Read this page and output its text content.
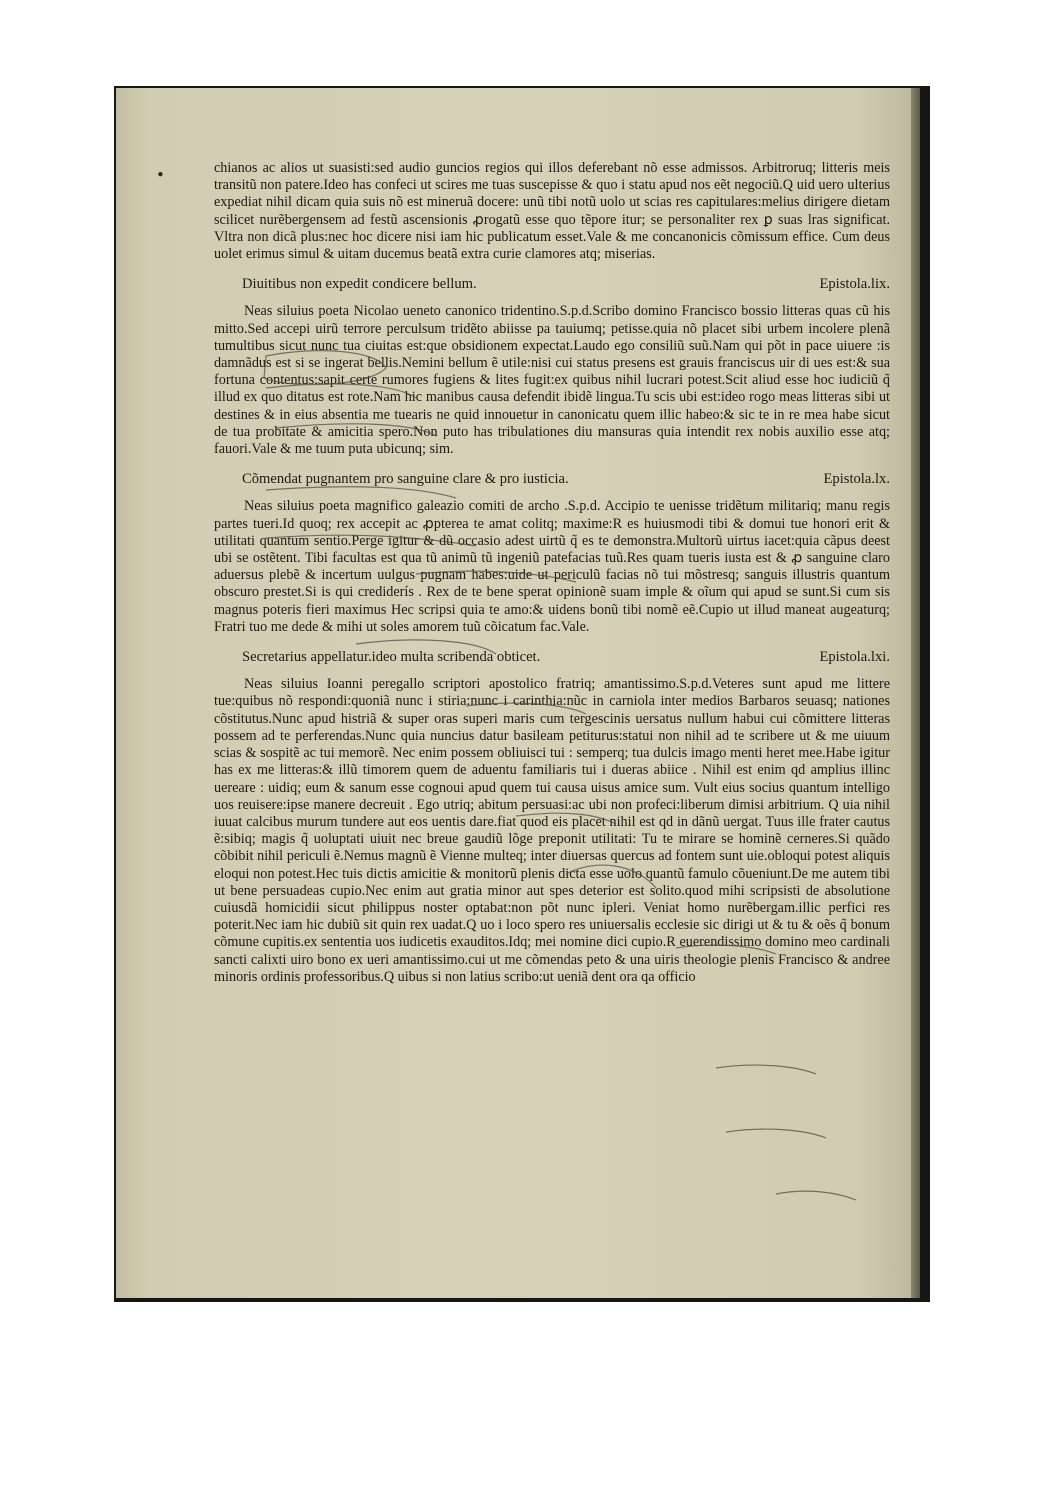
•	chianos ac alios ut suasisti:sed audio guncios regios qui illos deferebant nõ esse admissos. Arbitroruq; litteris meis transitũ non patere.Ideo has confeci ut scires me tuas suscepisse & quo i statu apud nos eẽt negociũ.Q uid uero ulterius expediat nihil dicam quia suis nõ est mineruã docere: unũ tibi notũ uolo ut scias res capitulares:melius dirigere dietam scilicet nurẽbergensem ad festũ ascensionis ꝓrogatũ esse quo tẽpore itur; se personaliter rex ꝑ suas lras significat. Vltra non dicã plus:nec hoc dicere nisi iam hic publicatum esset.Vale & me concanonicis cõmissum effice. Cum deus uolet erimus simul & uitam ducemus beatã extra curie clamores atq; miserias.

Diuitibus non expedit condicere bellum.	Epistola.lix.

Neas siluius poeta Nicolao ueneto canonico tridentino.S.p.d.Scribo domino Francisco bossio litteras quas cũ his mitto.Sed accepi uirũ terrore perculsum tridẽto abiisse pa tauiumq; petisse.quia nõ placet sibi urbem incolere plenã tumultibus sicut nunc tua ciuitas est:que obsidionem expectat.Laudo ego consiliũ suũ.Nam qui põt in pace uiuere :is damnãdus est si se ingerat bellis.Nemini bellum ẽ utile:nisi cui status presens est grauis franciscus uir di ues est:& sua fortuna contentus:sapit certe rumores fugiens & lites fugit:ex quibus nihil lucrari potest.Scit aliud esse hoc iudiciũ q̃ illud ex quo ditatus est rote.Nam hic manibus causa defendit ibidẽ lingua.Tu scis ubi est:ideo rogo meas litteras sibi ut destines & in eius absentia me tuearis ne quid innouetur in canonicatu quem illic habeo:& sic te in re mea habe sicut de tua probitate & amicitia spero.Non puto has tribulationes diu mansuras quia intendit rex nobis auxilio esse atq; fauori.Vale & me tuum puta ubicunq; sim.

Cõmendat pugnantem pro sanguine clare & pro iusticia.	Epistola.lx.

Neas siluius poeta magnifico galeazio comiti de archo .S.p.d. Accipio te uenisse tridẽtum militariq; manu regis partes tueri.Id quoq; rex accepit ac ꝓpterea te amat colitq; maxime:R es huiusmodi tibi & domui tue honori erit & utilitati quantum sentio.Perge igitur & dũ occasio adest uirtũ q̃ es te demonstra.Multorũ uirtus iacet:quia cãpus deest ubi se ostẽtent. Tibi facultas est qua tũ animũ tũ ingeniũ patefacias tuũ.Res quam tueris iusta est & ꝓ sanguine claro aduersus plebẽ & incertum uulgus pugnam habes:uide ut periculũ facias nõ tui mõstresq; sanguis illustris quantum obscuro prestet.Si is qui crediderís . Rex de te bene sperat opinionẽ suam imple & oĩum qui apud se sunt.Si cum sis magnus poteris fieri maximus Hec scripsi quia te amo:& uidens bonũ tibi nomẽ eẽ.Cupio ut illud maneat augeaturq; Fratri tuo me dede & mihi ut soles amorem tuũ cõicatum fac.Vale.

Secretarius appellatur.ideo multa scribenda obticet.	Epistola.lxi.

Neas siluius Ioanni peregallo scriptori apostolico fratriq; amantissimo.S.p.d.Veteres sunt apud me littere tue:quibus nõ respondi:quoniã nunc i stiria:nunc i carinthia:nũc in carniola inter medios Barbaros seuasq; nationes cõstitutus.Nunc apud histriã & super oras superi maris cum tergescinis uersatus nullum habui cui cõmittere litteras possem ad te perferendas.Nunc quia nuncius datur basileam petiturus:statui non nihil ad te scribere ut & me uiuum scias & sospitẽ ac tui memorẽ. Nec enim possem obliuisci tui : semperq; tua dulcis imago menti heret mee.Habe igitur has ex me litteras:& illũ timorem quem de aduentu familiaris tui i dueras abiice . Nihil est enim qd amplius illinc uereare : uidiq; eum & sanum esse cognoui apud quem tui causa uisus amice sum. Vult eius socius quantum intelligo uos reuisere:ipse manere decreuit . Ego utriq; abitum persuasi:ac ubi non profeci:liberum dimisi arbitrium. Q uia nihil iuuat calcibus murum tundere aut eos uentis dare.fiat quod eis placet nihil est qd in dãnũ uergat. Tuus ille frater cautus ẽ:sibiq; magis q̃ uoluptati uiuit nec breue gaudiũ lõge preponit utilitati: Tu te mirare se hominẽ cerneres.Si quãdo cõbibit nihil periculi ẽ.Nemus magnũ ẽ Vienne multeq; inter diuersas quercus ad fontem sunt uie.obloqui potest aliquis eloqui non potest.Hec tuis dictis amicitie & monitorũ plenis dicta esse uolo quantũ famulo cõueniunt.De me autem tibi ut bene persuadeas cupio.Nec enim aut gratia minor aut spes deterior est solito.quod mihi scripsisti de absolutione cuiusdã homicidii sicut philippus noster optabat:non põt nunc ipleri. Veniat homo nurẽbergam.illic perfici res poterit.Nec iam hic dubiũ sit quin rex uadat.Q uo i loco spero res uniuersalis ecclesie sic dirigi ut & tu & oẽs q̃ bonum cõmune cupitis.ex sententia uos iudicetis exauditos.Idq; mei nomine dici cupio.R euerendissimo domino meo cardinali sancti calixti uiro bono ex ueri amantissimo.cui ut me cõmendas peto & una uiris theologie plenis Francisco & andree minoris ordinis professoribus.Q uibus si non latius scribo:ut ueniã dent ora qa officio
